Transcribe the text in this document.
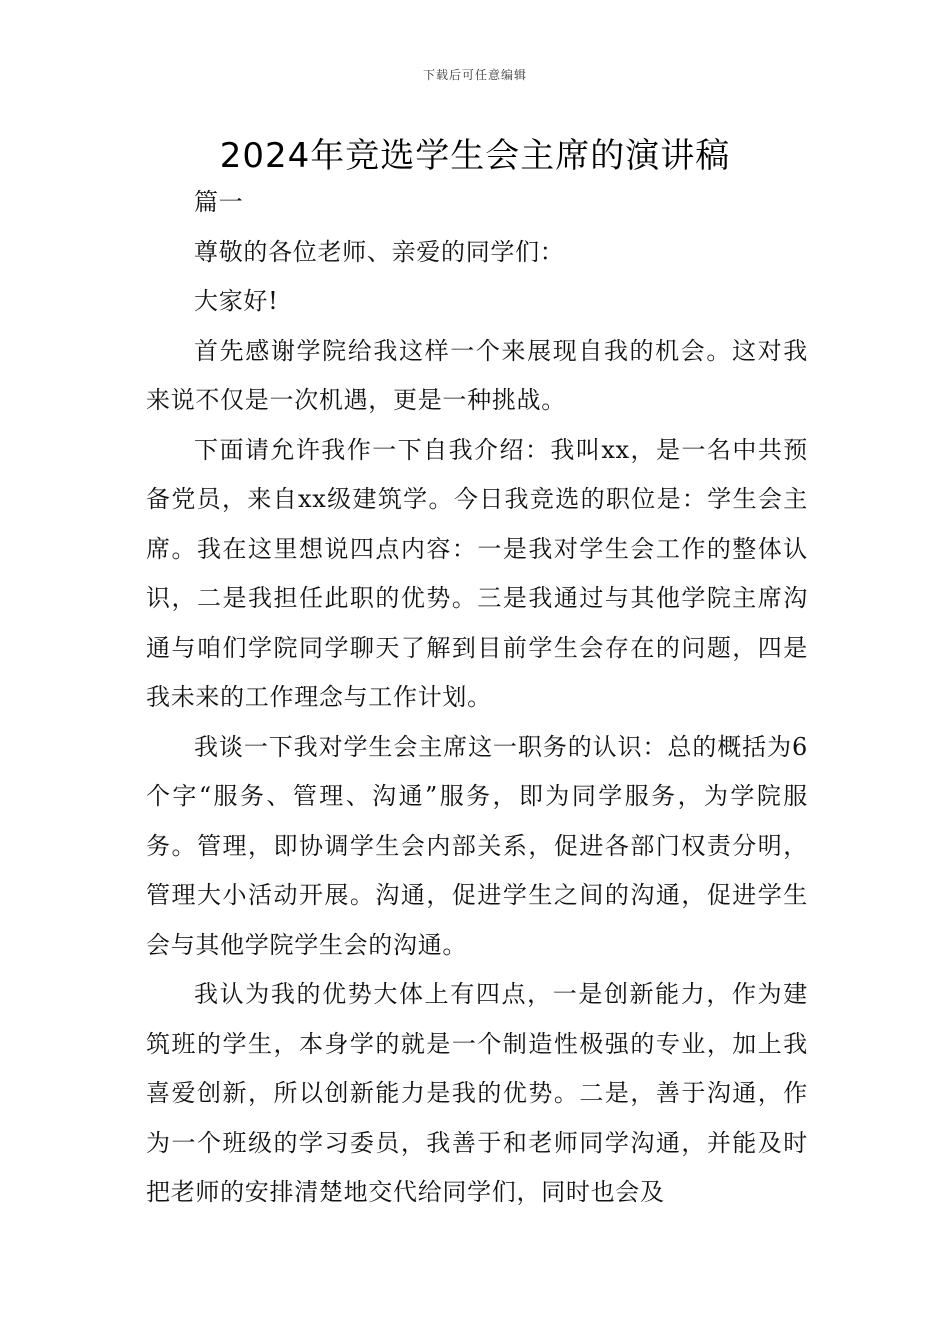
下载后可任意编辑
2024年竞选学生会主席的演讲稿

篇一

尊敬的各位老师、亲爱的同学们：

大家好!

首先感谢学院给我这样一个来展现自我的机会。这对我来说不仅是一次机遇，更是一种挑战。

下面请允许我作一下自我介绍：我叫xx，是一名中共预备党员，来自xx级建筑学。今日我竞选的职位是：学生会主席。我在这里想说四点内容：一是我对学生会工作的整体认识，二是我担任此职的优势。三是我通过与其他学院主席沟通与咱们学院同学聊天了解到目前学生会存在的问题，四是我未来的工作理念与工作计划。

我谈一下我对学生会主席这一职务的认识：总的概括为6个字“服务、管理、沟通”服务，即为同学服务，为学院服务。管理，即协调学生会内部关系，促进各部门权责分明，管理大小活动开展。沟通，促进学生之间的沟通，促进学生会与其他学院学生会的沟通。

我认为我的优势大体上有四点，一是创新能力，作为建筑班的学生，本身学的就是一个制造性极强的专业，加上我喜爱创新，所以创新能力是我的优势。二是，善于沟通，作为一个班级的学习委员，我善于和老师同学沟通，并能及时把老师的安排清楚地交代给同学们，同时也会及
